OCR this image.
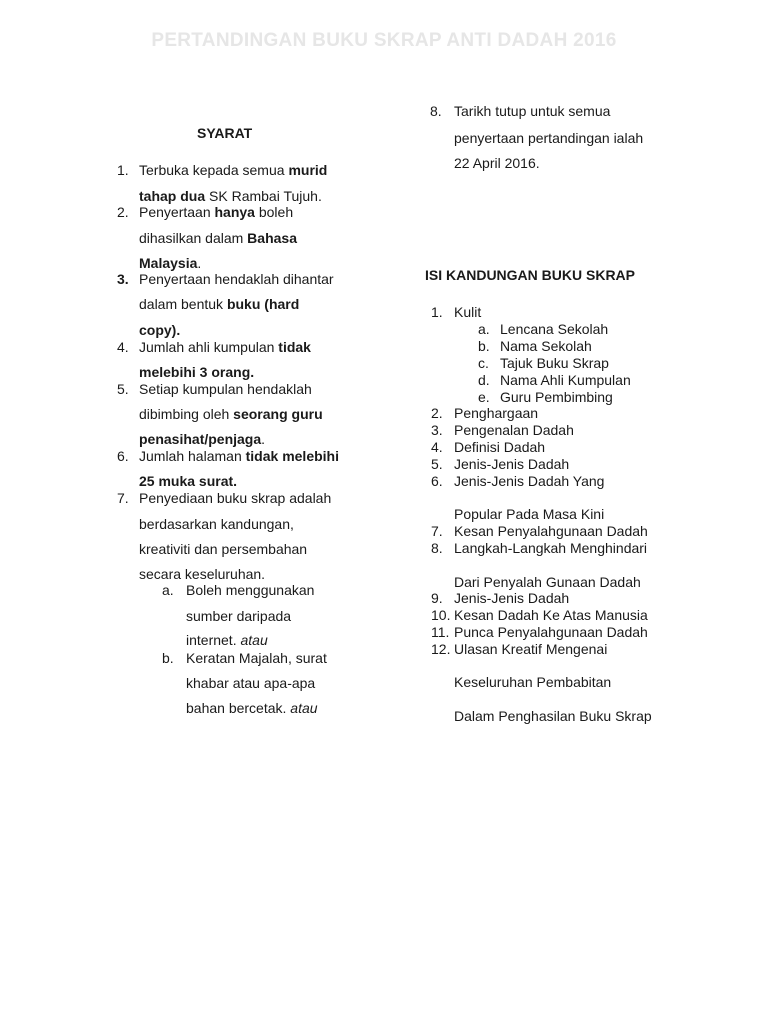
PERTANDINGAN BUKU SKRAP ANTI DADAH 2016
SYARAT
1. Terbuka kepada semua murid
tahap dua SK Rambai Tujuh.
2. Penyertaan hanya boleh
dihasilkan dalam Bahasa
Malaysia.
3. Penyertaan hendaklah dihantar
dalam bentuk buku (hard
copy).
4. Jumlah ahli kumpulan tidak
melebihi 3 orang.
5. Setiap kumpulan hendaklah
dibimbing oleh seorang guru
penasihat/penjaga.
6. Jumlah halaman tidak melebihi
25 muka surat.
7. Penyediaan buku skrap adalah
berdasarkan kandungan,
kreativiti dan persembahan
secara keseluruhan.
a. Boleh menggunakan
sumber daripada
internet. atau
b. Keratan Majalah, surat
khabar atau apa-apa
bahan bercetak. atau
8. Tarikh tutup untuk semua
penyertaan pertandingan ialah
22 April 2016.
ISI KANDUNGAN BUKU SKRAP
1. Kulit
a. Lencana Sekolah
b. Nama Sekolah
c. Tajuk Buku Skrap
d. Nama Ahli Kumpulan
e. Guru Pembimbing
2. Penghargaan
3. Pengenalan Dadah
4. Definisi Dadah
5. Jenis-Jenis Dadah
6. Jenis-Jenis Dadah Yang
Popular Pada Masa Kini
7. Kesan Penyalahgunaan Dadah
8. Langkah-Langkah Menghindari
Dari Penyalah Gunaan Dadah
9. Jenis-Jenis Dadah
10. Kesan Dadah Ke Atas Manusia
11. Punca Penyalahgunaan Dadah
12. Ulasan Kreatif Mengenai
Keseluruhan Pembabitan
Dalam Penghasilan Buku Skrap
